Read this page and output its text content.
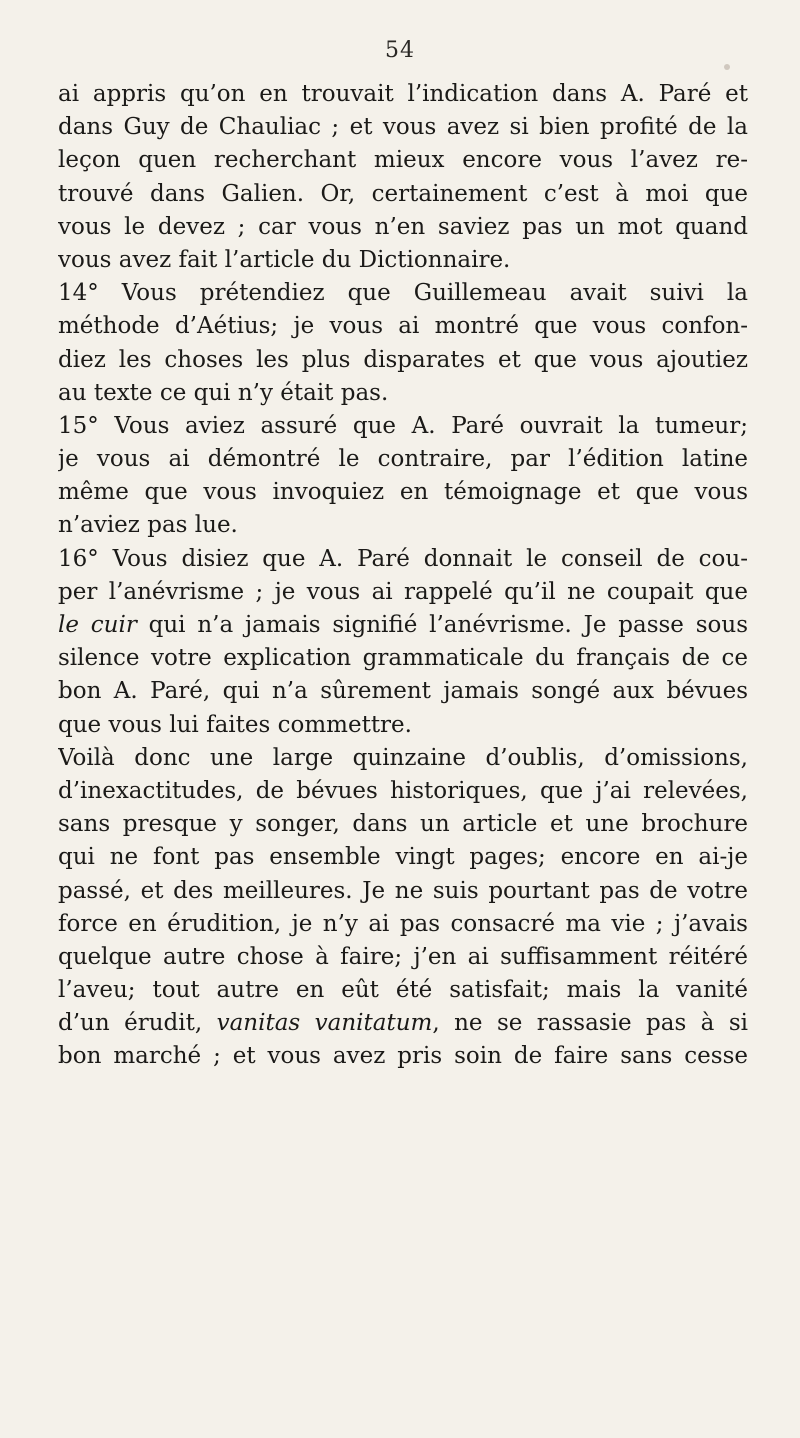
54
ai appris qu’on en trouvait l’indication dans A. Paré et
dans Guy de Chauliac ; et vous avez si bien profité de la
leçon quen recherchant mieux encore vous l’avez re-
trouvé dans Galien. Or, certainement c’est à moi que
vous le devez ; car vous n’en saviez pas un mot quand
vous avez fait l’article du Dictionnaire.
14° Vous prétendiez que Guillemeau avait suivi la
méthode d’Aétius; je vous ai montré que vous confon-
diez les choses les plus disparates et que vous ajoutiez
au texte ce qui n’y était pas.
15° Vous aviez assuré que A. Paré ouvrait la tumeur;
je vous ai démontré le contraire, par l’édition latine
même que vous invoquiez en témoignage et que vous
n’aviez pas lue.
16° Vous disiez que A. Paré donnait le conseil de cou-
per l’anévrisme ; je vous ai rappelé qu’il ne coupait que
le cuir qui n’a jamais signifié l’anévrisme. Je passe sous
silence votre explication grammaticale du français de ce
bon A. Paré, qui n’a sûrement jamais songé aux bévues
que vous lui faites commettre.
Voilà donc une large quinzaine d’oublis, d’omissions,
d’inexactitudes, de bévues historiques, que j’ai relevées,
sans presque y songer, dans un article et une brochure
qui ne font pas ensemble vingt pages; encore en ai-je
passé, et des meilleures. Je ne suis pourtant pas de votre
force en érudition, je n’y ai pas consacré ma vie ; j’avais
quelque autre chose à faire; j’en ai suffisamment réitéré
l’aveu; tout autre en eût été satisfait; mais la vanité
d’un érudit, vanitas vanitatum, ne se rassasie pas à si
bon marché ; et vous avez pris soin de faire sans cesse
